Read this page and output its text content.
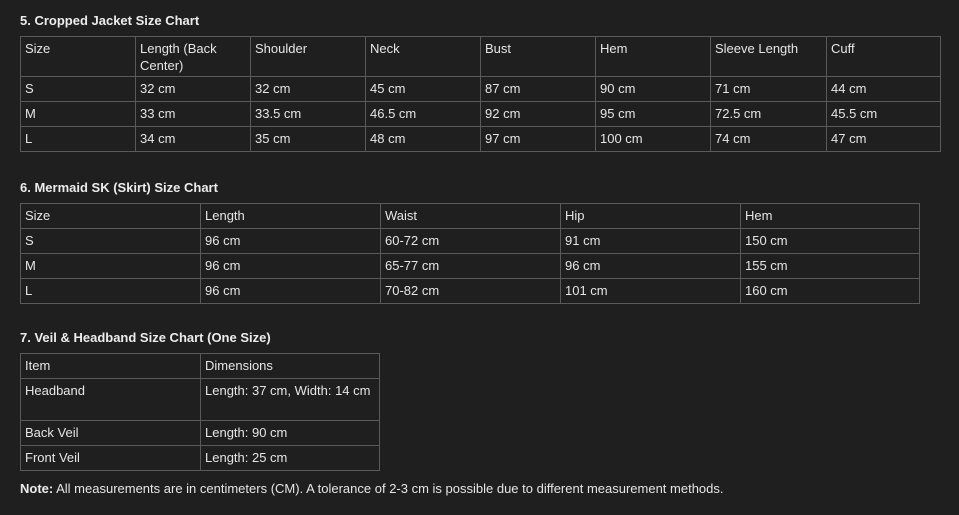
5. Cropped Jacket Size Chart
Size	Length (Back Center)	Shoulder	Neck	Bust	Hem	Sleeve Length	Cuff
S	32 cm	32 cm	45 cm	87 cm	90 cm	71 cm	44 cm
M	33 cm	33.5 cm	46.5 cm	92 cm	95 cm	72.5 cm	45.5 cm
L	34 cm	35 cm	48 cm	97 cm	100 cm	74 cm	47 cm
6. Mermaid SK (Skirt) Size Chart
Size	Length	Waist	Hip	Hem
S	96 cm	60-72 cm	91 cm	150 cm
M	96 cm	65-77 cm	96 cm	155 cm
L	96 cm	70-82 cm	101 cm	160 cm
7. Veil & Headband Size Chart (One Size)
Item	Dimensions
Headband	Length: 37 cm, Width: 14 cm
Back Veil	Length: 90 cm
Front Veil	Length: 25 cm
Note: All measurements are in centimeters (CM). A tolerance of 2-3 cm is possible due to different measurement methods.
